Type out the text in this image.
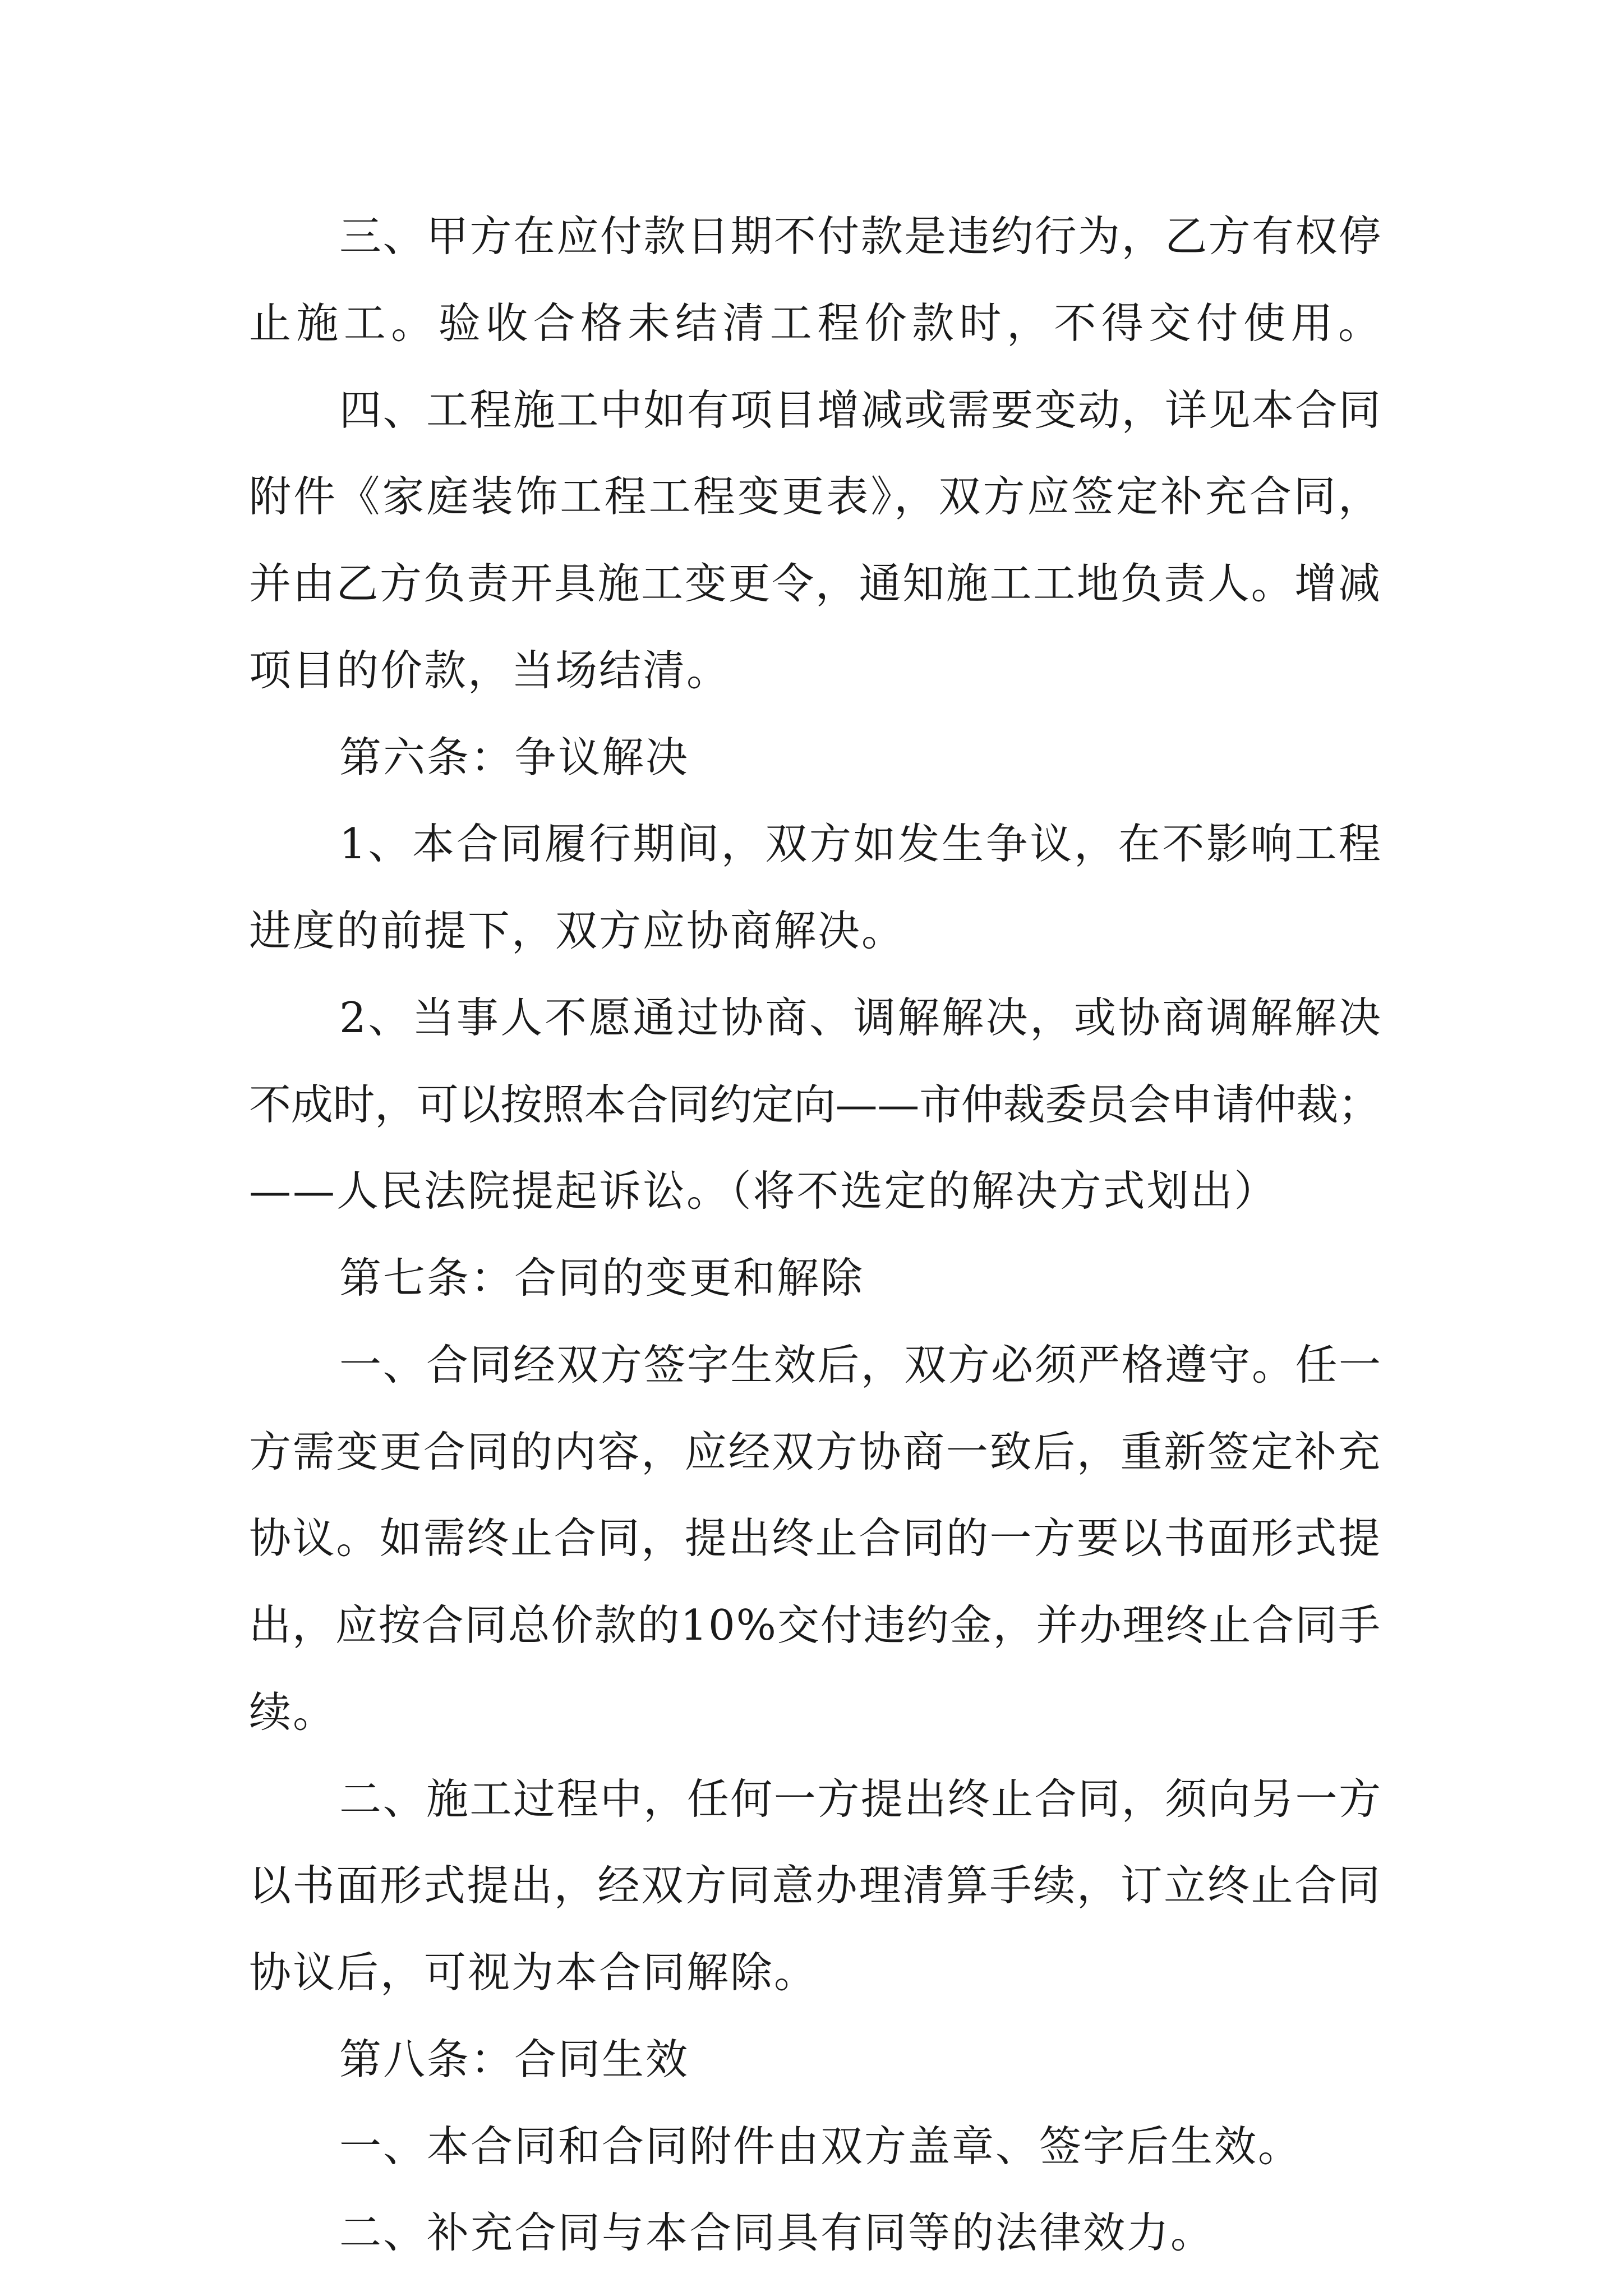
三、甲方在应付款日期不付款是违约行为，乙方有权停

止施工。验收合格未结清工程价款时，不得交付使用。

四、工程施工中如有项目增减或需要变动，详见本合同

附件《家庭装饰工程工程变更表》，双方应签定补充合同，

并由乙方负责开具施工变更令，通知施工工地负责人。增减

项目的价款，当场结清。

第六条：争议解决

1、本合同履行期间，双方如发生争议，在不影响工程

进度的前提下，双方应协商解决。

2、当事人不愿通过协商、调解解决，或协商调解解决

不成时，可以按照本合同约定向——市仲裁委员会申请仲裁；

——人民法院提起诉讼。（将不选定的解决方式划出）

第七条：合同的变更和解除

一、合同经双方签字生效后，双方必须严格遵守。任一

方需变更合同的内容，应经双方协商一致后，重新签定补充

协议。如需终止合同，提出终止合同的一方要以书面形式提

出，应按合同总价款的10%交付违约金，并办理终止合同手

续。

二、施工过程中，任何一方提出终止合同，须向另一方

以书面形式提出，经双方同意办理清算手续，订立终止合同

协议后，可视为本合同解除。

第八条：合同生效

一、本合同和合同附件由双方盖章、签字后生效。

二、补充合同与本合同具有同等的法律效力。
